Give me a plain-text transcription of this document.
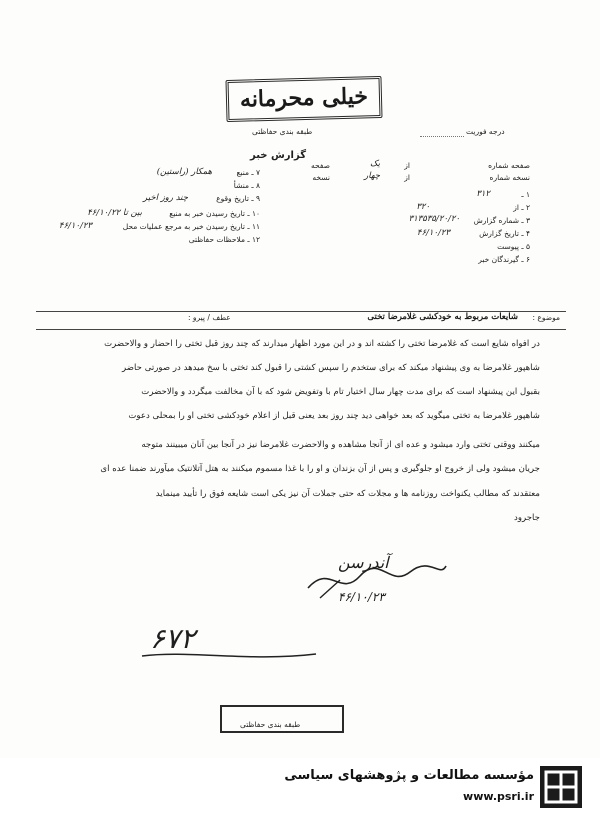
خیلی محرمانه
طبقه بندی حفاظتی
گزارش خبر
درجه فوریت
صفحه شماره
از
یک
صفحه
نسخه شماره
از
چهار
نسخه
۷ ـ منبع
همکار (راستین)
۸ ـ منشأ
۹ ـ تاریخ وقوع
چند روز اخیر
۱۰ ـ تاریخ رسیدن خبر به منبع
بین تا ۴۶/۱۰/۲۲
۱۱ ـ تاریخ رسیدن خبر به مرجع عملیات محل
۴۶/۱۰/۲۳
۱۲ ـ ملاحظات حفاظتی
۱ ـ
۳۱۲
۲ ـ از
۳۲۰
۳ ـ شماره گزارش
۳۱۳۵۳۵/۲۰/۲۰
۴ ـ تاریخ گزارش
۴۶/۱۰/۲۳
۵ ـ پیوست
۶ ـ گیرندگان خبر
موضوع :
شایعات مربوط به خودکشی غلامرضا تختی
عطف / پیرو :
در افواه شایع است که غلامرضا تختی را کشته اند و در این مورد اظهار میدارند که چند روز قبل تختی را احضار و والاحضرت
شاهپور غلامرضا به وی پیشنهاد میکند که برای ستخدم را سپس کشتی را قبول کند تختی با سخ میدهد در صورتی حاضر
بقبول این پیشنهاد است که برای مدت چهار سال اختیار تام با وتفویض شود که با آن مخالفت میگردد و والاحضرت
شاهپور غلامرضا به تختی میگوید که بعد خواهی دید چند روز بعد یعنی قبل از اعلام خودکشی تختی او را بمحلی دعوت
میکنند ووقتی تختی وارد میشود و عده ای از آنجا مشاهده و والاحضرت غلامرضا نیز در آنجا بین آنان میبینند متوجه
جریان میشود ولی از خروج او جلوگیری و پس از آن بزندان و او را با غذا مسموم میکنند به هتل آتلانتیک میآورند ضمنا عده ای
معتقدند که مطالب یکنواخت روزنامه ها و مجلات که حتی جملات آن نیز یکی است شایعه فوق را تأیید مینماید
جاجرود
آندرسن
۴۶/۱۰/۲۳
۶۷۲
طبقه بندی حفاظتی
مؤسسه مطالعات و پژوهشهای سیاسی
www.psri.ir
